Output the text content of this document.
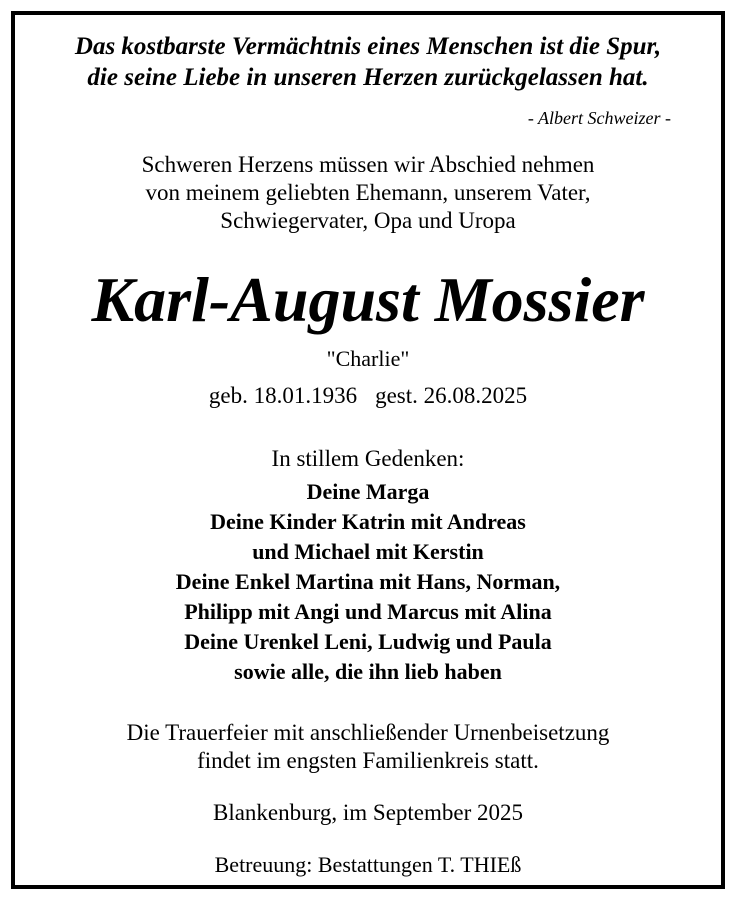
Das kostbarste Vermächtnis eines Menschen ist die Spur,
die seine Liebe in unseren Herzen zurückgelassen hat.
- Albert Schweizer -
Schweren Herzens müssen wir Abschied nehmen
von meinem geliebten Ehemann, unserem Vater,
Schwiegervater, Opa und Uropa
Karl-August Mossier
"Charlie"
geb. 18.01.1936 gest. 26.08.2025
In stillem Gedenken:
Deine Marga
Deine Kinder Katrin mit Andreas
und Michael mit Kerstin
Deine Enkel Martina mit Hans, Norman,
Philipp mit Angi und Marcus mit Alina
Deine Urenkel Leni, Ludwig und Paula
sowie alle, die ihn lieb haben
Die Trauerfeier mit anschließender Urnenbeisetzung
findet im engsten Familienkreis statt.
Blankenburg, im September 2025
Betreuung: Bestattungen T. THIEß
